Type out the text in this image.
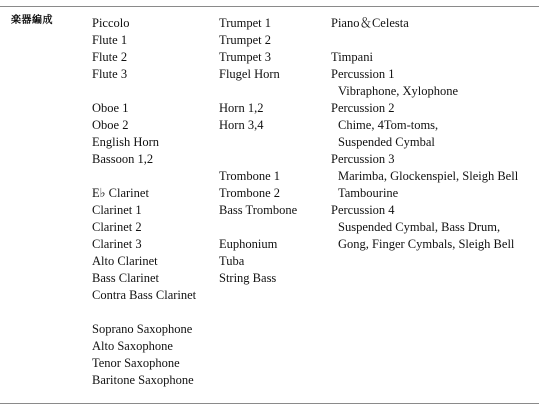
楽器編成	Piccolo
Flute 1
Flute 2
Flute 3
Oboe 1
Oboe 2
English Horn
Bassoon 1,2
E♭ Clarinet
Clarinet 1
Clarinet 2
Clarinet 3
Alto Clarinet
Bass Clarinet
Contra Bass Clarinet
Soprano Saxophone
Alto Saxophone
Tenor Saxophone
Baritone Saxophone
Trumpet 1
Trumpet 2
Trumpet 3
Flugel Horn
Horn 1,2
Horn 3,4
Trombone 1
Trombone 2
Bass Trombone
Euphonium
Tuba
String Bass
Piano＆Celesta
Timpani
Percussion 1
Vibraphone, Xylophone
Percussion 2
Chime, 4Tom-toms,
Suspended Cymbal
Percussion 3
Marimba, Glockenspiel, Sleigh Bell
Tambourine
Percussion 4
Suspended Cymbal, Bass Drum,
Gong, Finger Cymbals, Sleigh Bell
